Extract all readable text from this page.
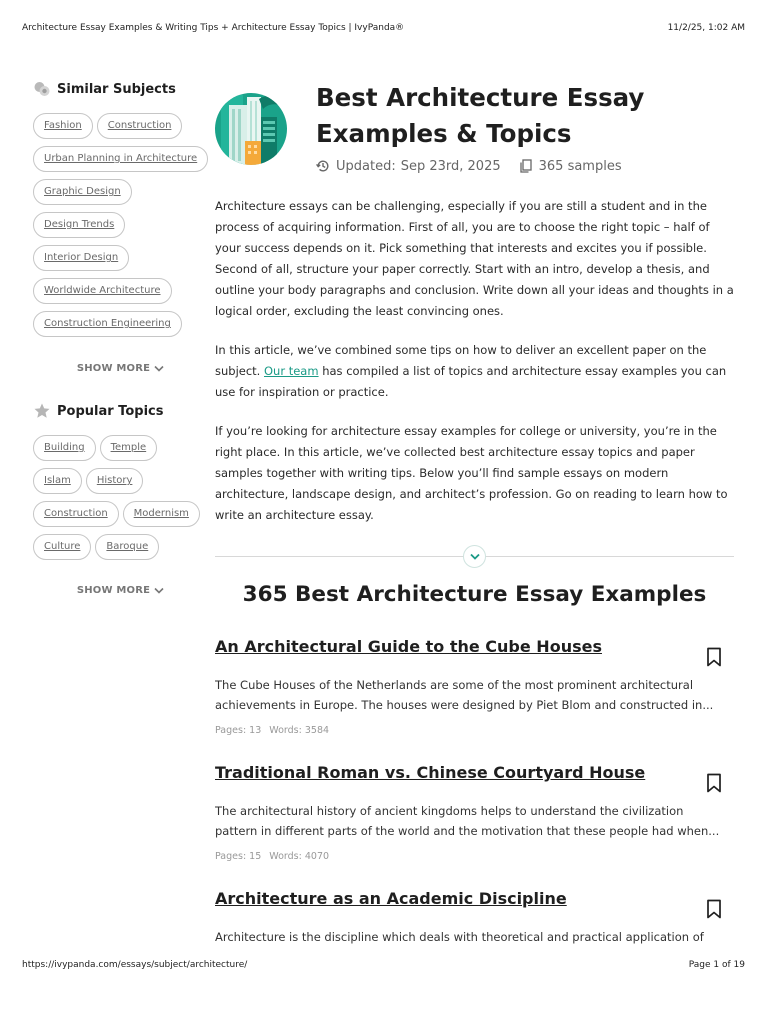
Architecture Essay Examples & Writing Tips + Architecture Essay Topics | IvyPanda®	11/2/25, 1:02 AM
Similar Subjects
Fashion	Construction
Urban Planning in Architecture
Graphic Design
Design Trends
Interior Design
Worldwide Architecture
Construction Engineering
SHOW MORE
Popular Topics
Building	Temple
Islam	History
Construction	Modernism
Culture	Baroque
SHOW MORE
Best Architecture Essay Examples & Topics
Updated: Sep 23rd, 2025	365 samples

Architecture essays can be challenging, especially if you are still a student and in the process of acquiring information. First of all, you are to choose the right topic – half of your success depends on it. Pick something that interests and excites you if possible. Second of all, structure your paper correctly. Start with an intro, develop a thesis, and outline your body paragraphs and conclusion. Write down all your ideas and thoughts in a logical order, excluding the least convincing ones.

In this article, we’ve combined some tips on how to deliver an excellent paper on the subject. Our team has compiled a list of topics and architecture essay examples you can use for inspiration or practice.

If you’re looking for architecture essay examples for college or university, you’re in the right place. In this article, we’ve collected best architecture essay topics and paper samples together with writing tips. Below you’ll find sample essays on modern architecture, landscape design, and architect’s profession. Go on reading to learn how to write an architecture essay.

365 Best Architecture Essay Examples
An Architectural Guide to the Cube Houses

The Cube Houses of the Netherlands are some of the most prominent architectural achievements in Europe. The houses were designed by Piet Blom and constructed in...

Pages: 13 Words: 3584
Traditional Roman vs. Chinese Courtyard House

The architectural history of ancient kingdoms helps to understand the civilization pattern in different parts of the world and the motivation that these people had when...

Pages: 15 Words: 4070
Architecture as an Academic Discipline

Architecture is the discipline which deals with theoretical and practical application of

https://ivypanda.com/essays/subject/architecture/	Page 1 of 19
